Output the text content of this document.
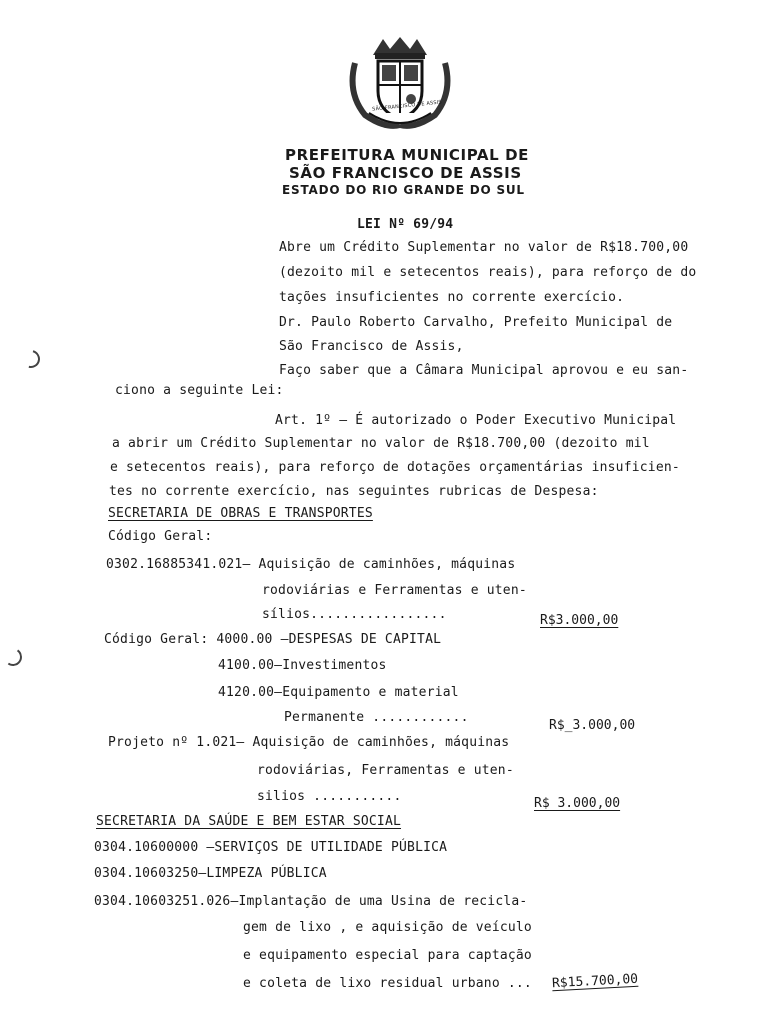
SÃO FRANCISCO DE ASSIS
PREFEITURA MUNICIPAL DE
SÃO FRANCISCO DE ASSIS
ESTADO DO RIO GRANDE DO SUL
LEI Nº 69/94
Abre um Crédito Suplementar no valor de R$18.700,00
(dezoito mil e setecentos reais), para reforço de do
tações insuficientes no corrente exercício.
Dr. Paulo Roberto Carvalho, Prefeito Municipal de
São Francisco de Assis,
Faço saber que a Câmara Municipal aprovou e eu san-
ciono a seguinte Lei:
Art. 1º – É autorizado o Poder Executivo Municipal
a abrir um Crédito Suplementar no valor de R$18.700,00 (dezoito mil
e setecentos reais), para reforço de dotações orçamentárias insuficien-
tes no corrente exercício, nas seguintes rubricas de Despesa:
SECRETARIA DE OBRAS E TRANSPORTES
Código Geral:
0302.16885341.021– Aquisição de caminhões, máquinas
rodoviárias e Ferramentas e uten-
sílios.................	R$3.000,00
Código Geral: 4000.00 –DESPESAS DE CAPITAL
4100.00–Investimentos
4120.00–Equipamento e material
Permanente ............
R$_3.000,00
Projeto nº 1.021– Aquisição de caminhões, máquinas
rodoviárias, Ferramentas e uten-
silios ...........	R$ 3.000,00
SECRETARIA DA SAÚDE E BEM ESTAR SOCIAL
0304.10600000 –SERVIÇOS DE UTILIDADE PÚBLICA
0304.10603250–LIMPEZA PÚBLICA
0304.10603251.026–Implantação de uma Usina de recicla-
gem de lixo , e aquisição de veículo
e equipamento especial para captação
e coleta de lixo residual urbano ... R$15.700,00
